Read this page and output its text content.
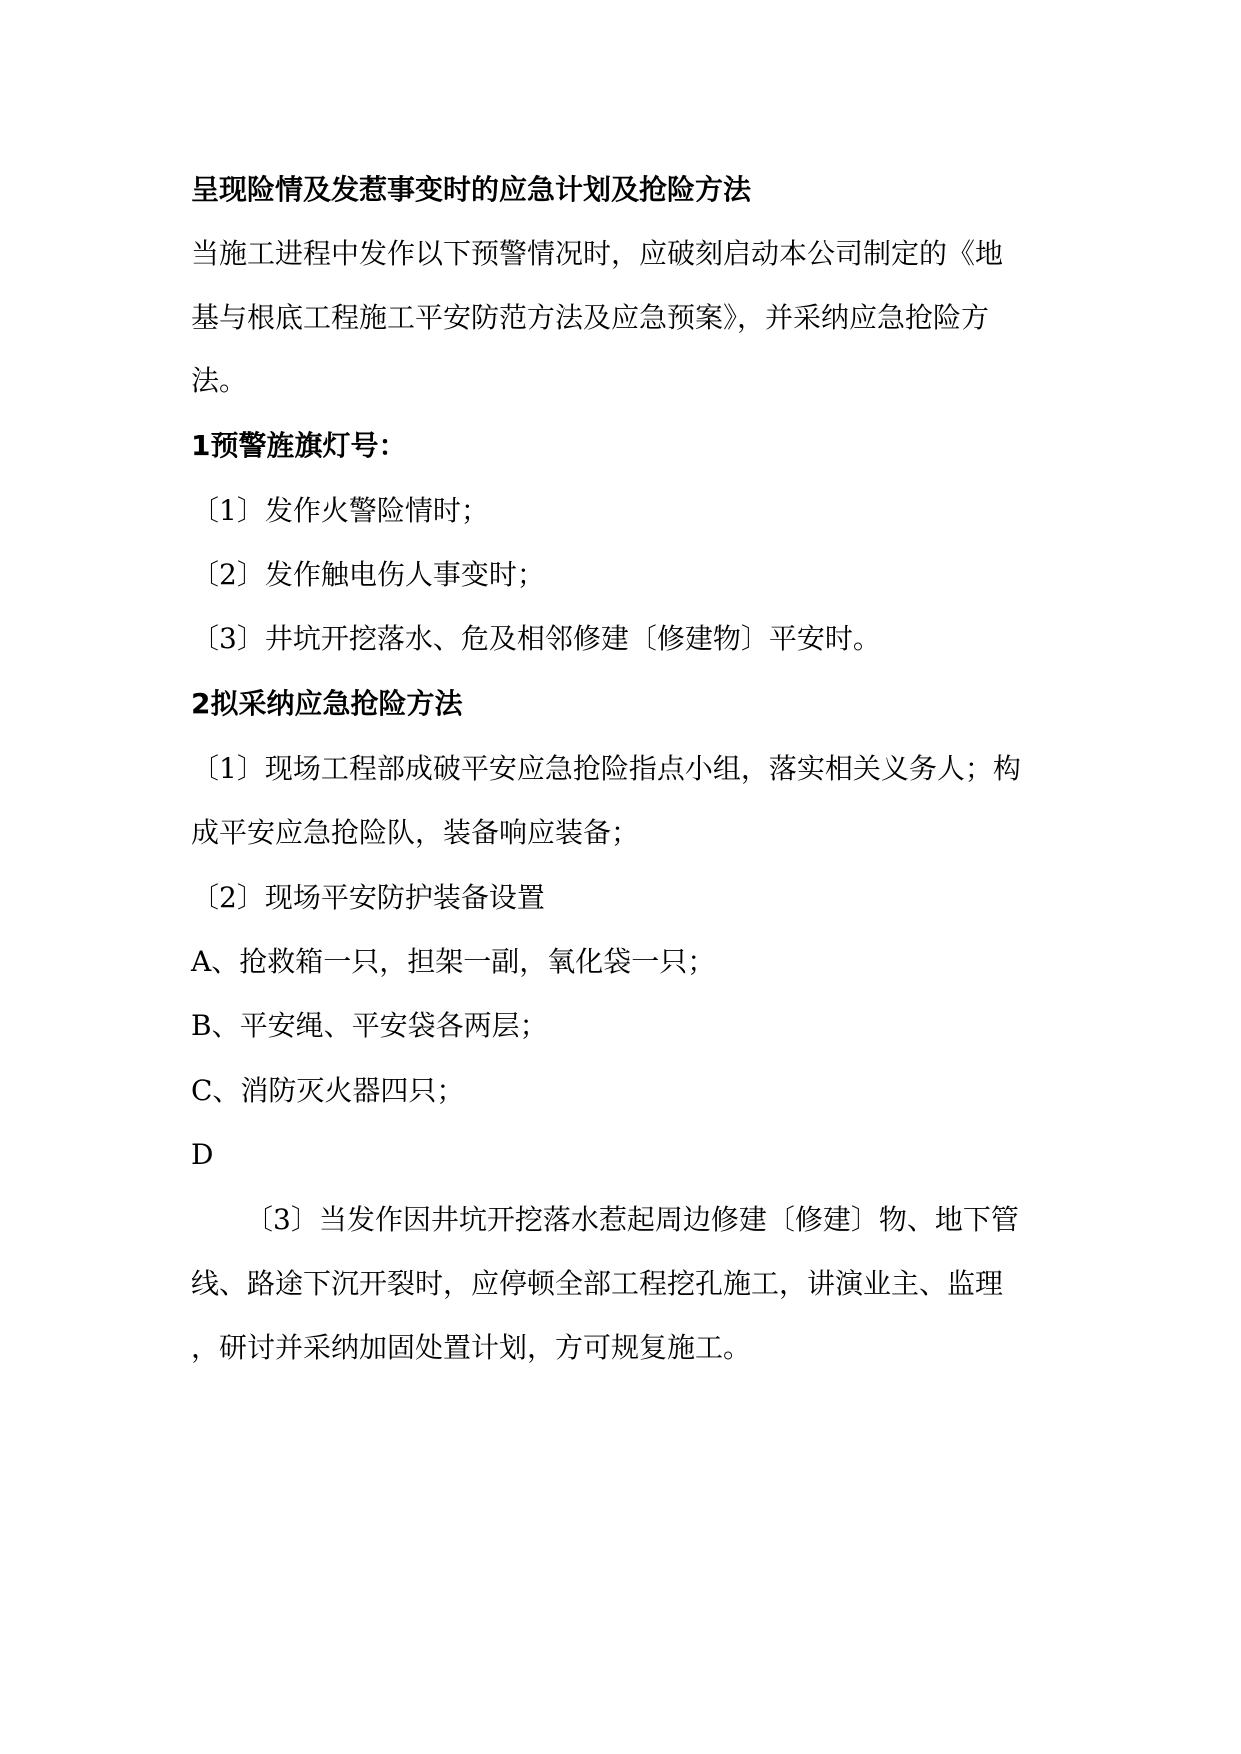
呈现险情及发惹事变时的应急计划及抢险方法

当施工进程中发作以下预警情况时，应破刻启动本公司制定的《地

基与根底工程施工平安防范方法及应急预案》，并采纳应急抢险方

法。

1预警旌旗灯号：

〔1〕发作火警险情时；

〔2〕发作触电伤人事变时；

〔3〕井坑开挖落水、危及相邻修建〔修建物〕平安时。

2拟采纳应急抢险方法

〔1〕现场工程部成破平安应急抢险指点小组，落实相关义务人；构

成平安应急抢险队，装备响应装备；

〔2〕现场平安防护装备设置

A、抢救箱一只，担架一副，氧化袋一只；

B、平安绳、平安袋各两层；

C、消防灭火器四只；

D

〔3〕当发作因井坑开挖落水惹起周边修建〔修建〕物、地下管

线、路途下沉开裂时，应停顿全部工程挖孔施工，讲演业主、监理

，研讨并采纳加固处置计划，方可规复施工。
